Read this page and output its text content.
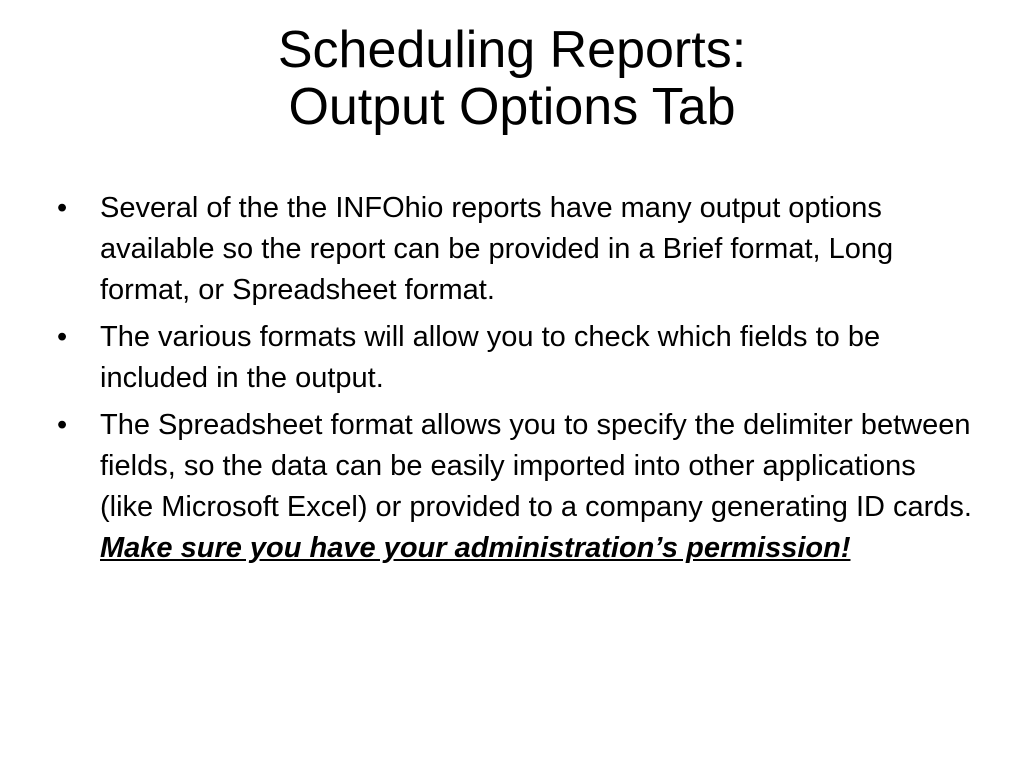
Scheduling Reports:
Output Options Tab
• Several of the the INFOhio reports have many output options available so the report can be provided in a Brief format, Long format, or Spreadsheet format.
• The various formats will allow you to check which fields to be included in the output.
• The Spreadsheet format allows you to specify the delimiter between fields, so the data can be easily imported into other applications (like Microsoft Excel) or provided to a company generating ID cards.  Make sure you have your administration’s permission!
